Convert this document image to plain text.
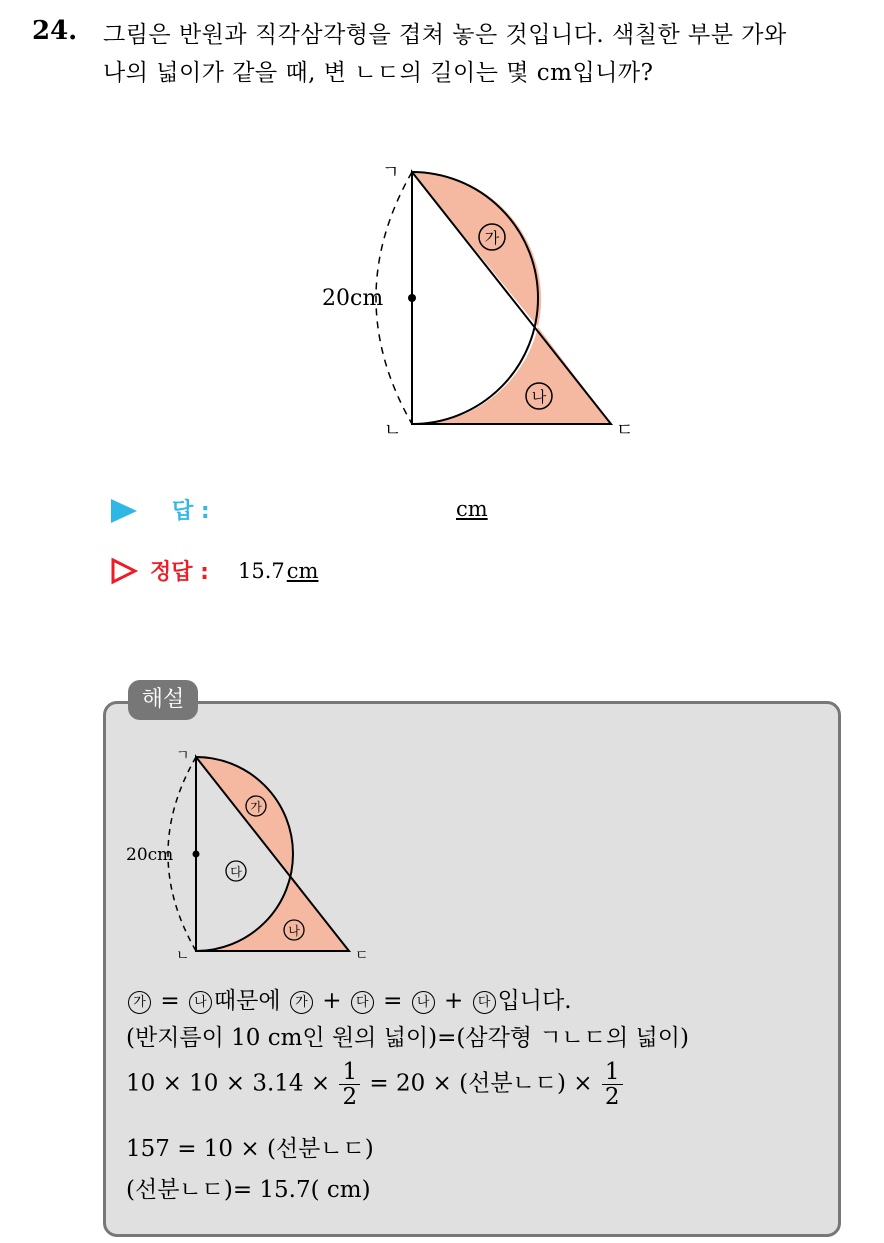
24. 그림은 반원과 직각삼각형을 겹쳐 놓은 것입니다. 색칠한 부분 가와
나의 넓이가 같을 때, 변 ㄴㄷ의 길이는 몇 cm입니까?
20cm
ㄱ
ㄴ	ㄷ
가
나
답 :	cm
정답 : 15.7cm
해설
20cm
ㄱ
ㄴ	ㄷ
가
다
나
가 = 나 때문에 가 + 다 = 나 + 다 입니다.
(반지름이 10 cm인 원의 넓이)=(삼각형 ㄱㄴㄷ의 넓이)
$10 \times 10 \times 3.14 \times \frac{1}{2} = 20$ × (선분ㄴㄷ) × $\frac{1}{2}$
157 = 10 × (선분ㄴㄷ)
(선분ㄴㄷ)= 15.7( cm)
